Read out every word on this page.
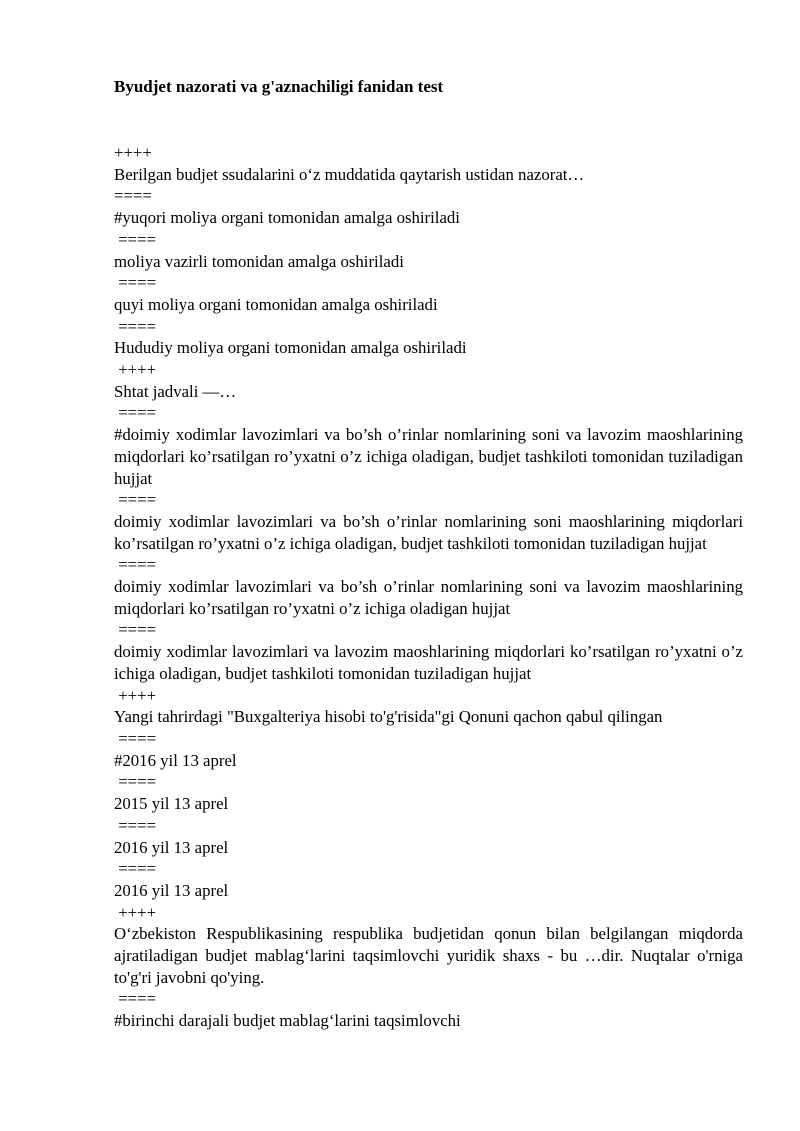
Byudjet nazorati va g'aznachiligi fanidan test

++++

Berilgan budjet ssudalarini o‘z muddatida qaytarish ustidan nazorat…

====

#yuqori moliya organi tomonidan amalga oshiriladi

====

moliya vazirli tomonidan amalga oshiriladi

====

quyi moliya organi tomonidan amalga oshiriladi

====

Hududiy moliya organi tomonidan amalga oshiriladi

++++

Shtat jadvali —…

====

#doimiy xodimlar lavozimlari va bo’sh o’rinlar nomlarining soni va lavozim maoshlarining miqdorlari ko’rsatilgan ro’yxatni o’z ichiga oladigan, budjet tashkiloti tomonidan tuziladigan hujjat

====

doimiy xodimlar lavozimlari va bo’sh o’rinlar nomlarining soni maoshlarining miqdorlari ko’rsatilgan ro’yxatni o’z ichiga oladigan, budjet tashkiloti tomonidan tuziladigan hujjat

====

doimiy xodimlar lavozimlari va bo’sh o’rinlar nomlarining soni va lavozim maoshlarining miqdorlari ko’rsatilgan ro’yxatni o’z ichiga oladigan hujjat

====

doimiy xodimlar lavozimlari va lavozim maoshlarining miqdorlari ko’rsatilgan ro’yxatni o’z ichiga oladigan, budjet tashkiloti tomonidan tuziladigan hujjat

++++

Yangi tahrirdagi "Buxgalteriya hisobi to'g'risida"gi Qonuni qachon qabul qilingan

====

#2016 yil 13 aprel

====

2015 yil 13 aprel

====

2016 yil 13 aprel

====

2016 yil 13 aprel

++++

O‘zbekiston Respublikasining respublika budjetidan qonun bilan belgilangan miqdorda ajratiladigan budjet mablag‘larini taqsimlovchi yuridik shaxs - bu …dir. Nuqtalar o'rniga to'g'ri javobni qo'ying.

====

#birinchi darajali budjet mablag‘larini taqsimlovchi
